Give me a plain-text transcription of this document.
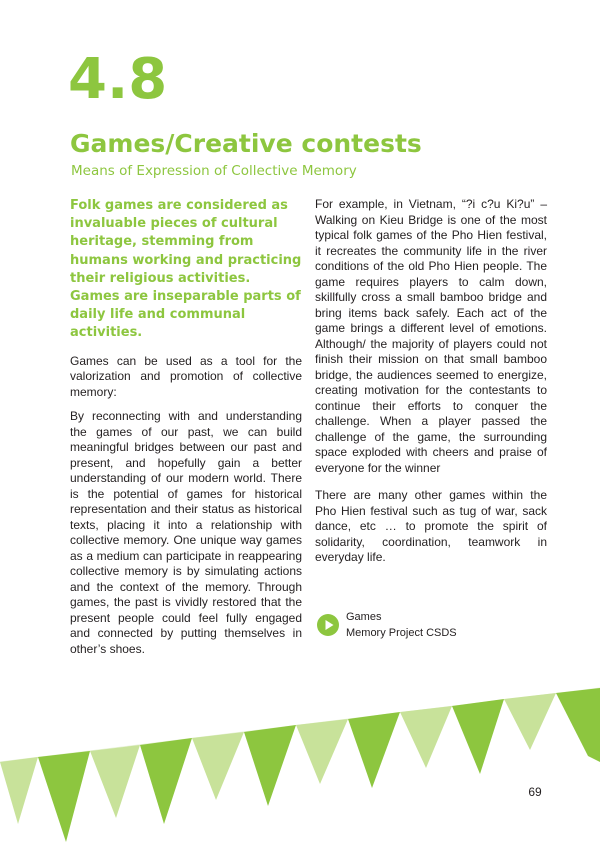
4.8
Games/Creative contests
Means of Expression of Collective Memory

Folk games are considered as invaluable pieces of cultural heritage, stemming from humans working and practicing their religious activities. Games are inseparable parts of daily life and communal activities.

Games can be used as a tool for the valorization and promotion of collective memory:

By reconnecting with and understanding the games of our past, we can build meaningful bridges between our past and present, and hopefully gain a better understanding of our modern world. There is the potential of games for historical representation and their status as historical texts, placing it into a relationship with collective memory. One unique way games as a medium can participate in reappearing collective memory is by simulating actions and the context of the memory. Through games, the past is vividly restored that the present people could feel fully engaged and connected by putting themselves in other’s shoes.

For example, in Vietnam, “?i c?u Ki?u” – Walking on Kieu Bridge is one of the most typical folk games of the Pho Hien festival, it recreates the community life in the river conditions of the old Pho Hien people. The game requires players to calm down, skillfully cross a small bamboo bridge and bring items back safely. Each act of the game brings a different level of emotions. Although/ the majority of players could not finish their mission on that small bamboo bridge, the audiences seemed to energize, creating motivation for the contestants to continue their efforts to conquer the challenge. When a player passed the challenge of the game, the surrounding space exploded with cheers and praise of everyone for the winner

There are many other games within the Pho Hien festival such as tug of war, sack dance, etc … to promote the spirit of solidarity, coordination, teamwork in everyday life.

Games
Memory Project CSDS
69
